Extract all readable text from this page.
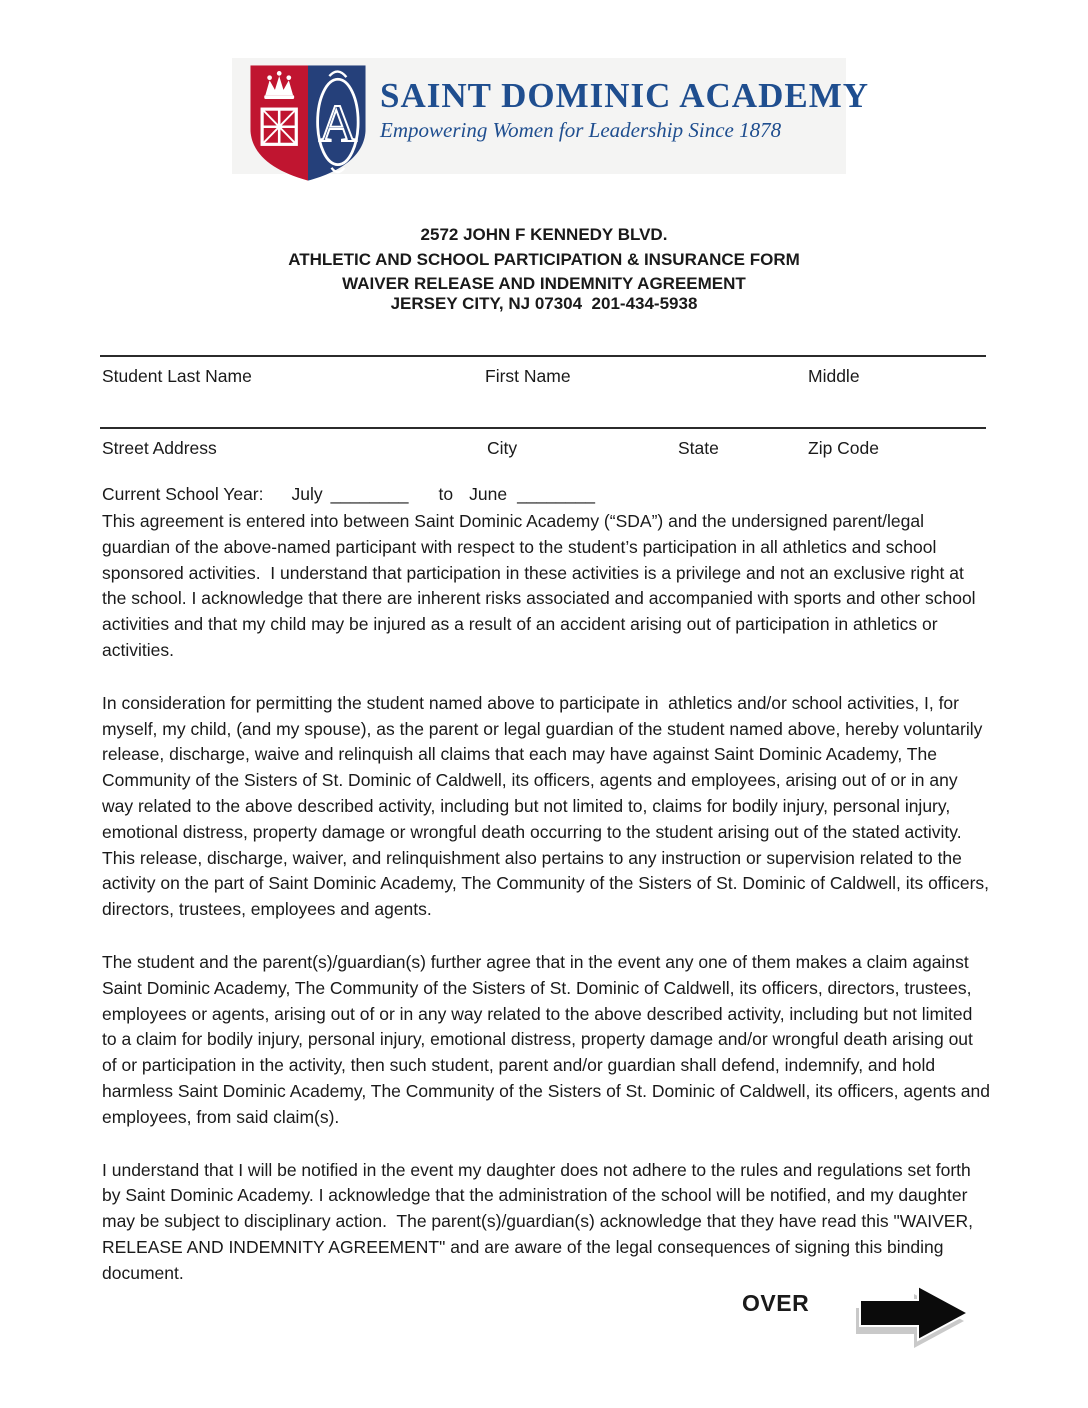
A SAINT DOMINIC ACADEMY
Empowering Women for Leadership Since 1878

2572 JOHN F KENNEDY BLVD.

JERSEY CITY, NJ 07304  201-434-5938

ATHLETIC AND SCHOOL PARTICIPATION & INSURANCE FORM
WAIVER RELEASE AND INDEMNITY AGREEMENT
Student Last Name	First Name	Middle
Street Address	City	State	Zip Code
Current School Year: July ________ to June ________

This agreement is entered into between Saint Dominic Academy (“SDA”) and the undersigned parent/legal guardian of the above-named participant with respect to the student’s participation in all athletics and school sponsored activities.  I understand that participation in these activities is a privilege and not an exclusive right at the school. I acknowledge that there are inherent risks associated and accompanied with sports and other school activities and that my child may be injured as a result of an accident arising out of participation in athletics or activities.

In consideration for permitting the student named above to participate in  athletics and/or school activities, I, for myself, my child, (and my spouse), as the parent or legal guardian of the student named above, hereby voluntarily release, discharge, waive and relinquish all claims that each may have against Saint Dominic Academy, The Community of the Sisters of St. Dominic of Caldwell, its officers, agents and employees, arising out of or in any way related to the above described activity, including but not limited to, claims for bodily injury, personal injury, emotional distress, property damage or wrongful death occurring to the student arising out of the stated activity.  This release, discharge, waiver, and relinquishment also pertains to any instruction or supervision related to the activity on the part of Saint Dominic Academy, The Community of the Sisters of St. Dominic of Caldwell, its officers, directors, trustees, employees and agents.

The student and the parent(s)/guardian(s) further agree that in the event any one of them makes a claim against Saint Dominic Academy, The Community of the Sisters of St. Dominic of Caldwell, its officers, directors, trustees, employees or agents, arising out of or in any way related to the above described activity, including but not limited to a claim for bodily injury, personal injury, emotional distress, property damage and/or wrongful death arising out of or participation in the activity, then such student, parent and/or guardian shall defend, indemnify, and hold harmless Saint Dominic Academy, The Community of the Sisters of St. Dominic of Caldwell, its officers, agents and employees, from said claim(s).

I understand that I will be notified in the event my daughter does not adhere to the rules and regulations set forth by Saint Dominic Academy. I acknowledge that the administration of the school will be notified, and my daughter may be subject to disciplinary action.  The parent(s)/guardian(s) acknowledge that they have read this "WAIVER, RELEASE AND INDEMNITY AGREEMENT" and are aware of the legal consequences of signing this binding document.

OVER
